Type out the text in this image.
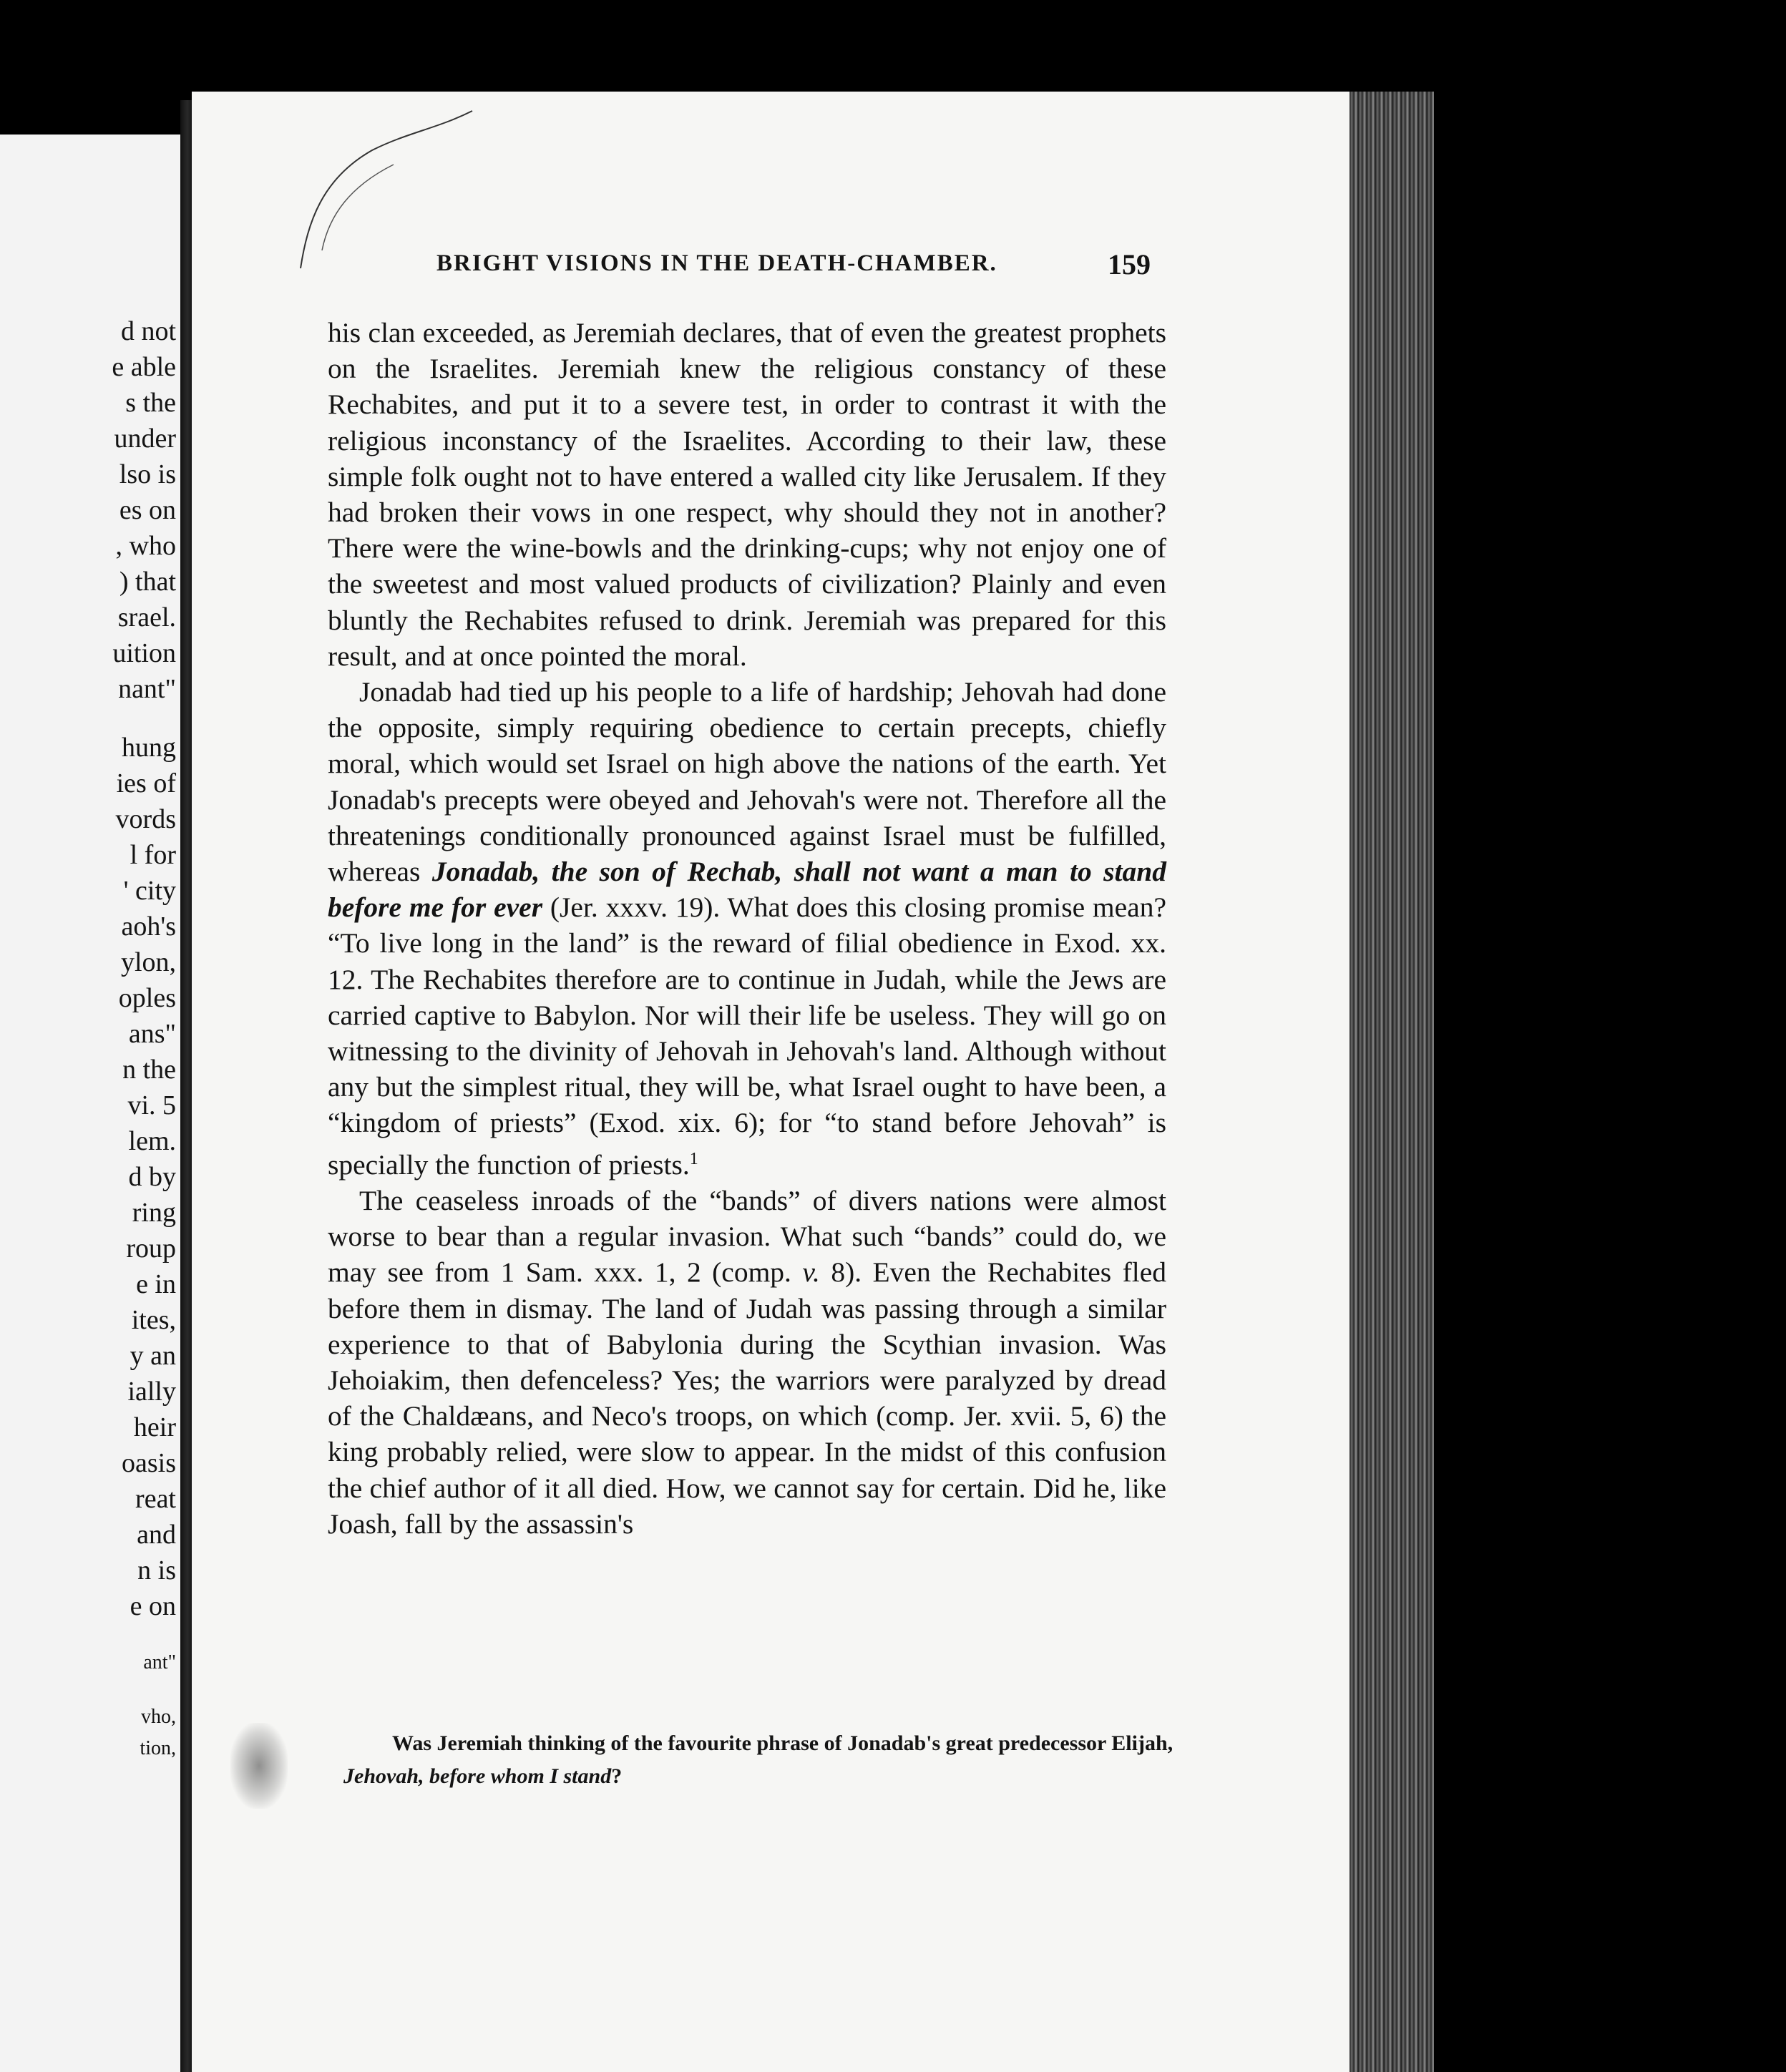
d not
e able
s the
under
lso is
es on
, who
) that
srael.
uition
nant"
hung
ies of
vords
l for
' city
aoh's
ylon,
oples
ans"
n the
vi. 5
lem.
d by
ring
roup
e in
ites,
y an
ially
heir
oasis
reat
and
n is
e on
ant"
vho,
tion,
BRIGHT VISIONS IN THE DEATH-CHAMBER.	159

his clan exceeded, as Jeremiah declares, that of even the greatest prophets on the Israelites. Jeremiah knew the religious constancy of these Rechabites, and put it to a severe test, in order to contrast it with the religious inconstancy of the Israelites. According to their law, these simple folk ought not to have entered a walled city like Jerusalem. If they had broken their vows in one respect, why should they not in another? There were the wine-bowls and the drinking-cups; why not enjoy one of the sweetest and most valued products of civilization? Plainly and even bluntly the Rechabites refused to drink. Jeremiah was prepared for this result, and at once pointed the moral.

Jonadab had tied up his people to a life of hardship; Jehovah had done the opposite, simply requiring obedience to certain precepts, chiefly moral, which would set Israel on high above the nations of the earth. Yet Jonadab's precepts were obeyed and Jehovah's were not. Therefore all the threatenings conditionally pronounced against Israel must be fulfilled, whereas Jonadab, the son of Rechab, shall not want a man to stand before me for ever (Jer. xxxv. 19). What does this closing promise mean? “To live long in the land” is the reward of filial obedience in Exod. xx. 12. The Rechabites therefore are to continue in Judah, while the Jews are carried captive to Babylon. Nor will their life be useless. They will go on witnessing to the divinity of Jehovah in Jehovah's land. Although without any but the simplest ritual, they will be, what Israel ought to have been, a “kingdom of priests” (Exod. xix. 6); for “to stand before Jehovah” is specially the function of priests.$^1$

The ceaseless inroads of the “bands” of divers nations were almost worse to bear than a regular invasion. What such “bands” could do, we may see from 1 Sam. xxx. 1, 2 (comp. v. 8). Even the Rechabites fled before them in dismay. The land of Judah was passing through a similar experience to that of Babylonia during the Scythian invasion. Was Jehoiakim, then defenceless? Yes; the warriors were paralyzed by dread of the Chaldæans, and Neco's troops, on which (comp. Jer. xvii. 5, 6) the king probably relied, were slow to appear. In the midst of this confusion the chief author of it all died. How, we cannot say for certain. Did he, like Joash, fall by the assassin's

Was Jeremiah thinking of the favourite phrase of Jonadab's great predecessor Elijah, Jehovah, before whom I stand?
